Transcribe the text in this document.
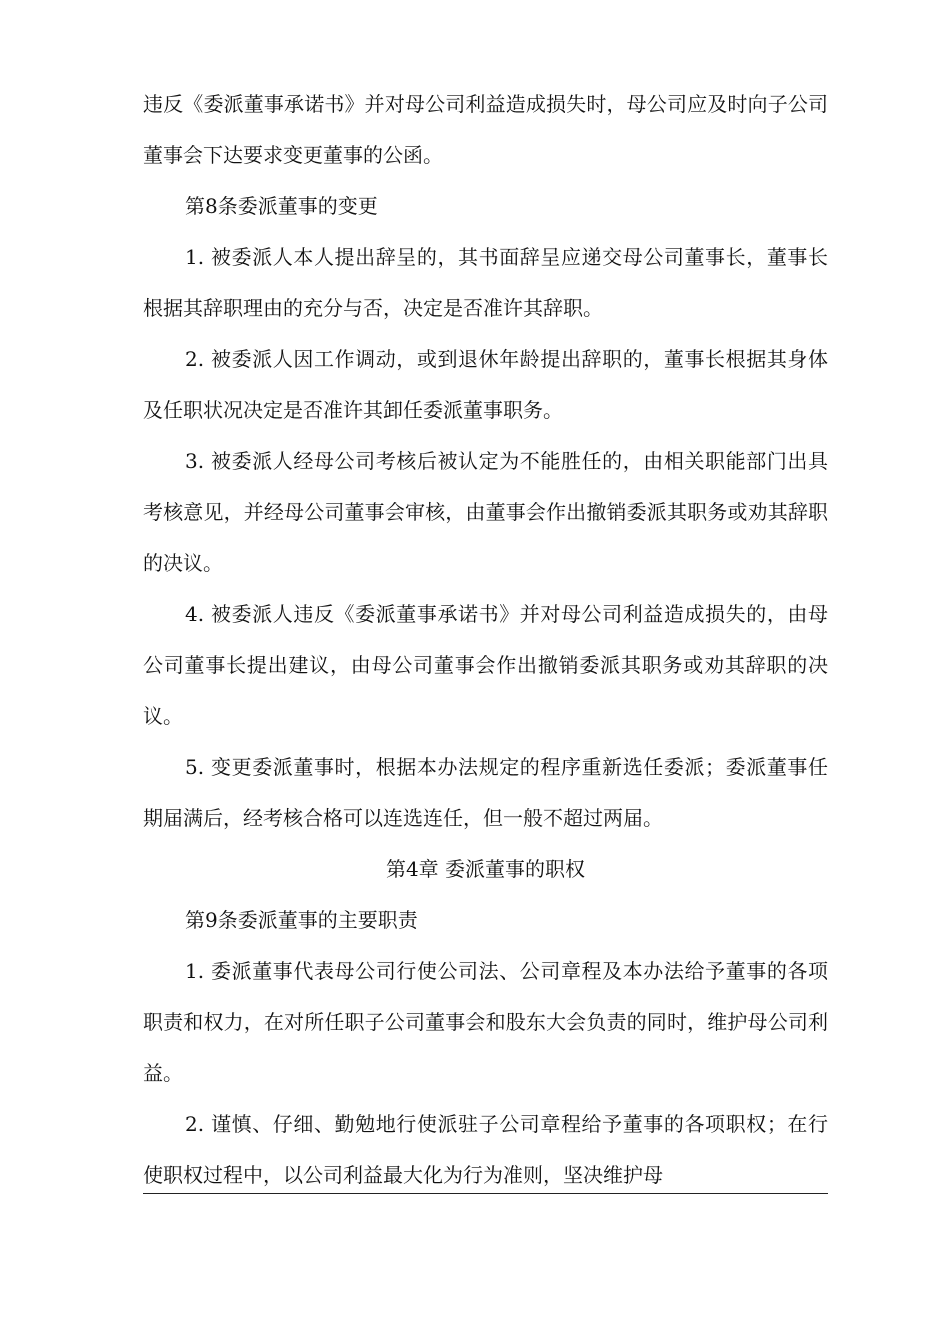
违反《委派董事承诺书》并对母公司利益造成损失时，母公司应及时向子公司董事会下达要求变更董事的公函。

第8条委派董事的变更

1. 被委派人本人提出辞呈的，其书面辞呈应递交母公司董事长，董事长根据其辞职理由的充分与否，决定是否准许其辞职。

2. 被委派人因工作调动，或到退休年龄提出辞职的，董事长根据其身体及任职状况决定是否准许其卸任委派董事职务。

3. 被委派人经母公司考核后被认定为不能胜任的，由相关职能部门出具考核意见，并经母公司董事会审核，由董事会作出撤销委派其职务或劝其辞职的决议。

4. 被委派人违反《委派董事承诺书》并对母公司利益造成损失的，由母公司董事长提出建议，由母公司董事会作出撤销委派其职务或劝其辞职的决议。

5. 变更委派董事时，根据本办法规定的程序重新选任委派；委派董事任期届满后，经考核合格可以连选连任，但一般不超过两届。

第4章 委派董事的职权

第9条委派董事的主要职责

1. 委派董事代表母公司行使公司法、公司章程及本办法给予董事的各项职责和权力，在对所任职子公司董事会和股东大会负责的同时，维护母公司利益。

2. 谨慎、仔细、勤勉地行使派驻子公司章程给予董事的各项职权；在行使职权过程中，以公司利益最大化为行为准则，坚决维护母
